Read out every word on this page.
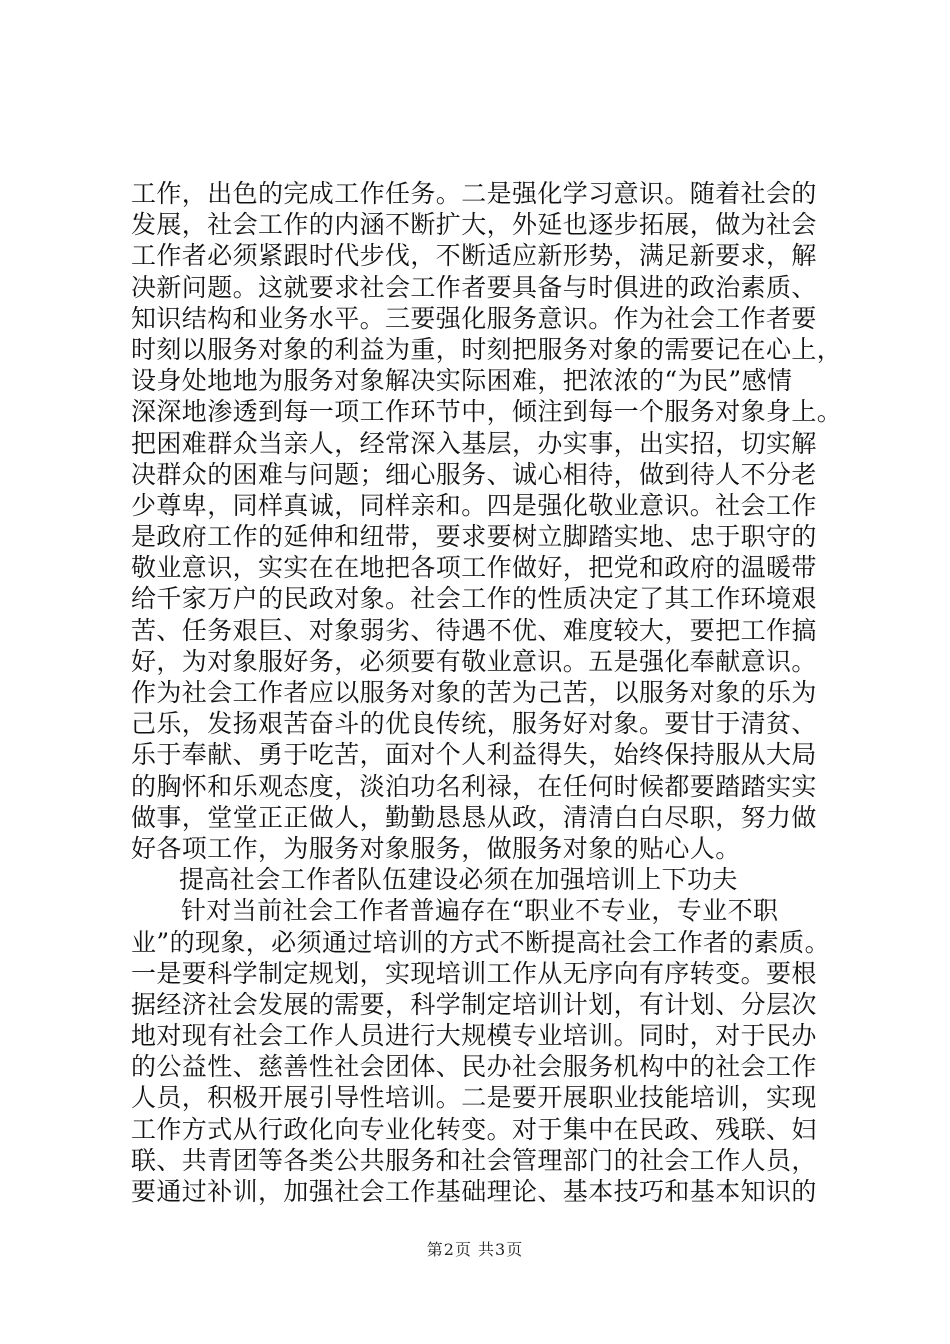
工作，出色的完成工作任务。二是强化学习意识。随着社会的
发展，社会工作的内涵不断扩大，外延也逐步拓展，做为社会
工作者必须紧跟时代步伐，不断适应新形势，满足新要求，解
决新问题。这就要求社会工作者要具备与时俱进的政治素质、
知识结构和业务水平。三要强化服务意识。作为社会工作者要
时刻以服务对象的利益为重，时刻把服务对象的需要记在心上，
设身处地地为服务对象解决实际困难，把浓浓的“为民”感情
深深地渗透到每一项工作环节中，倾注到每一个服务对象身上。
把困难群众当亲人，经常深入基层，办实事，出实招，切实解
决群众的困难与问题；细心服务、诚心相待，做到待人不分老
少尊卑，同样真诚，同样亲和。四是强化敬业意识。社会工作
是政府工作的延伸和纽带，要求要树立脚踏实地、忠于职守的
敬业意识，实实在在地把各项工作做好，把党和政府的温暖带
给千家万户的民政对象。社会工作的性质决定了其工作环境艰
苦、任务艰巨、对象弱劣、待遇不优、难度较大，要把工作搞
好，为对象服好务，必须要有敬业意识。五是强化奉献意识。
作为社会工作者应以服务对象的苦为己苦，以服务对象的乐为
己乐，发扬艰苦奋斗的优良传统，服务好对象。要甘于清贫、
乐于奉献、勇于吃苦，面对个人利益得失，始终保持服从大局
的胸怀和乐观态度，淡泊功名利禄，在任何时候都要踏踏实实
做事，堂堂正正做人，勤勤恳恳从政，清清白白尽职，努力做
好各项工作，为服务对象服务，做服务对象的贴心人。
提高社会工作者队伍建设必须在加强培训上下功夫
针对当前社会工作者普遍存在“职业不专业，专业不职
业”的现象，必须通过培训的方式不断提高社会工作者的素质。
一是要科学制定规划，实现培训工作从无序向有序转变。要根
据经济社会发展的需要，科学制定培训计划，有计划、分层次
地对现有社会工作人员进行大规模专业培训。同时，对于民办
的公益性、慈善性社会团体、民办社会服务机构中的社会工作
人员，积极开展引导性培训。二是要开展职业技能培训，实现
工作方式从行政化向专业化转变。对于集中在民政、残联、妇
联、共青团等各类公共服务和社会管理部门的社会工作人员，
要通过补训，加强社会工作基础理论、基本技巧和基本知识的
第2页 共3页
